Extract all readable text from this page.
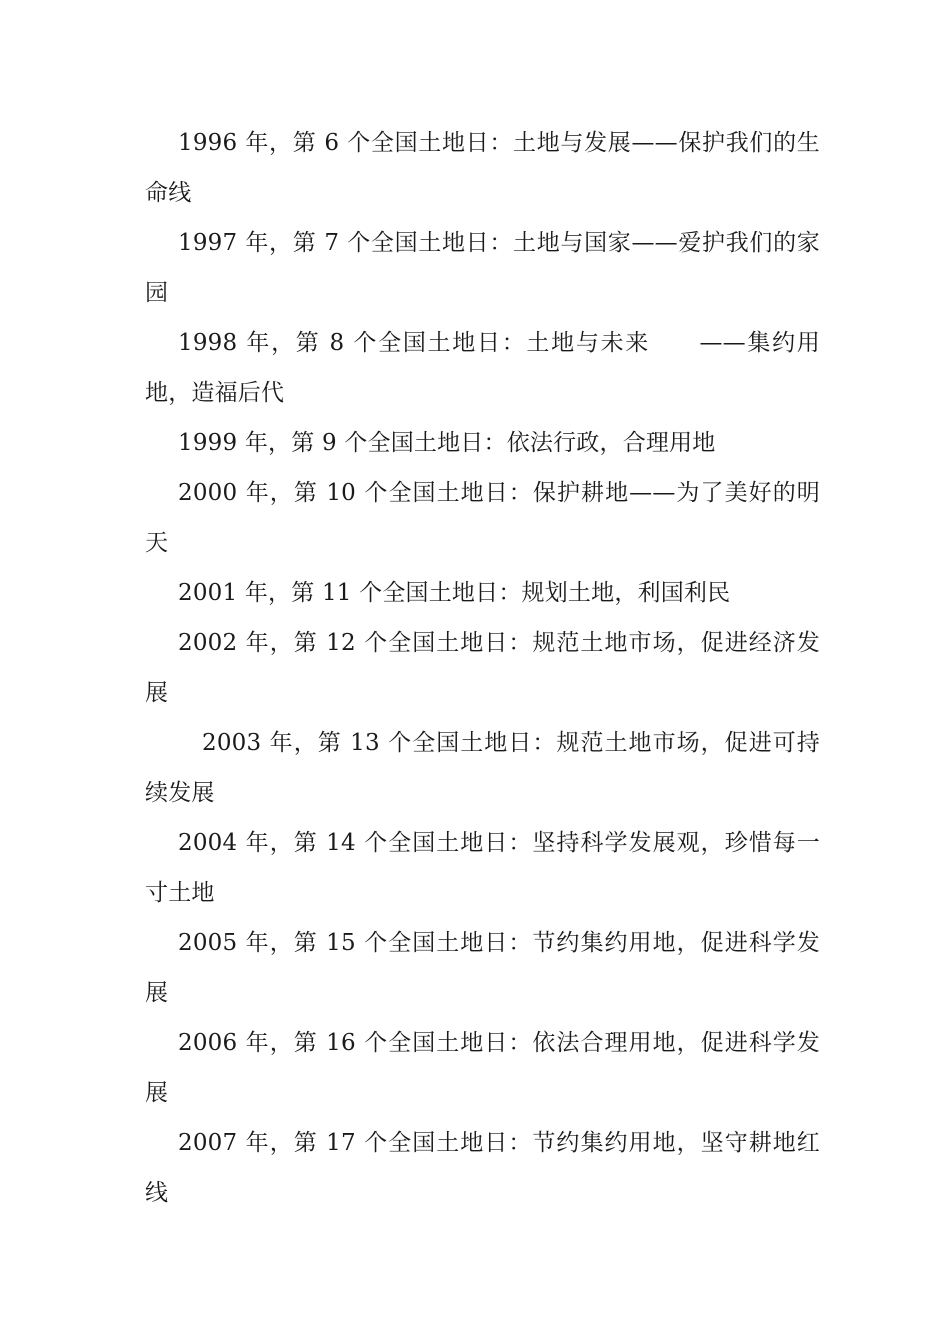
1996 年，第 6 个全国土地日：土地与发展——保护我们的生命线

1997 年，第 7 个全国土地日：土地与国家——爱护我们的家园

1998 年，第 8 个全国土地日：土地与未来　　——集约用地，造福后代

1999 年，第 9 个全国土地日：依法行政，合理用地

2000 年，第 10 个全国土地日：保护耕地——为了美好的明天

2001 年，第 11 个全国土地日：规划土地，利国利民

2002 年，第 12 个全国土地日：规范土地市场，促进经济发展

2003 年，第 13 个全国土地日：规范土地市场，促进可持续发展

2004 年，第 14 个全国土地日：坚持科学发展观，珍惜每一寸土地

2005 年，第 15 个全国土地日：节约集约用地，促进科学发展

2006 年，第 16 个全国土地日：依法合理用地，促进科学发展

2007 年，第 17 个全国土地日：节约集约用地，坚守耕地红线
